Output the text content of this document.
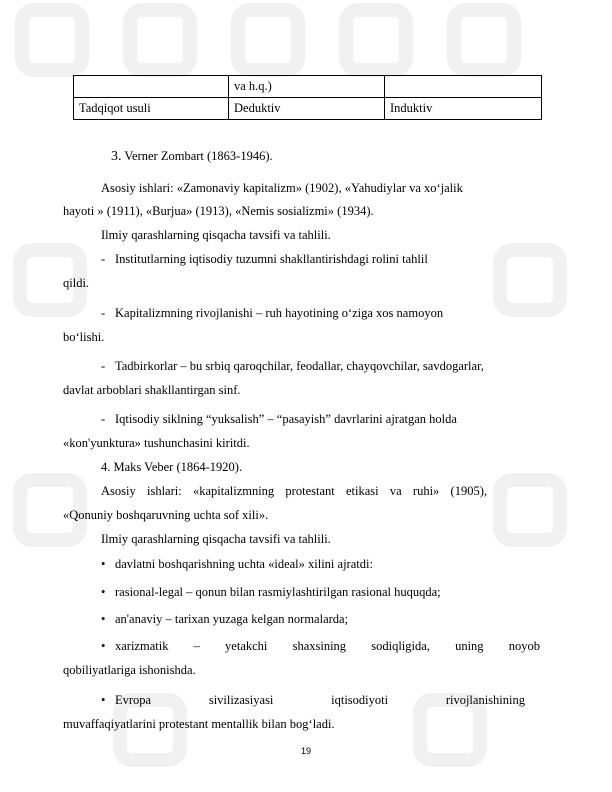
	va h.q.)	
Tadqiqot usuli	Deduktiv	Induktiv
3. Verner Zombart (1863-1946).
Asosiy ishlari: «Zamonaviy kapitalizm» (1902), «Yahudiylar va xo‘jalik
hayoti » (1911), «Burjua» (1913), «Nemis sosializmi» (1934).
Ilmiy qarashlarning qisqacha tavsifi va tahlili.
- Institutlarning iqtisodiy tuzumni shakllantirishdagi rolini tahlil
qildi.
- Kapitalizmning rivojlanishi – ruh hayotining o‘ziga xos namoyon
bo‘lishi.
- Tadbirkorlar – bu srbiq qaroqchilar, feodallar, chayqovchilar, savdogarlar,
davlat arboblari shakllantirgan sinf.
- Iqtisodiy siklning “yuksalish” – “pasayish” davrlarini ajratgan holda
«kon'yunktura» tushunchasini kiritdi.
4. Maks Veber (1864-1920).
Asosiy ishlari: «kapitalizmning protestant etikasi va ruhi» (1905),
«Qonuniy boshqaruvning uchta sof xili».
Ilmiy qarashlarning qisqacha tavsifi va tahlili.
• davlatni boshqarishning uchta «ideal» xilini ajratdi:
• rasional-legal – qonun bilan rasmiylashtirilgan rasional huquqda;
• an'anaviy – tarixan yuzaga kelgan normalarda;
• xarizmatik – yetakchi shaxsining sodiqligida, uning noyob
qobiliyatlariga ishonishda.
• Evropa sivilizasiyasi iqtisodiyoti rivojlanishining
muvaffaqiyatlarini protestant mentallik bilan bog‘ladi.
19
